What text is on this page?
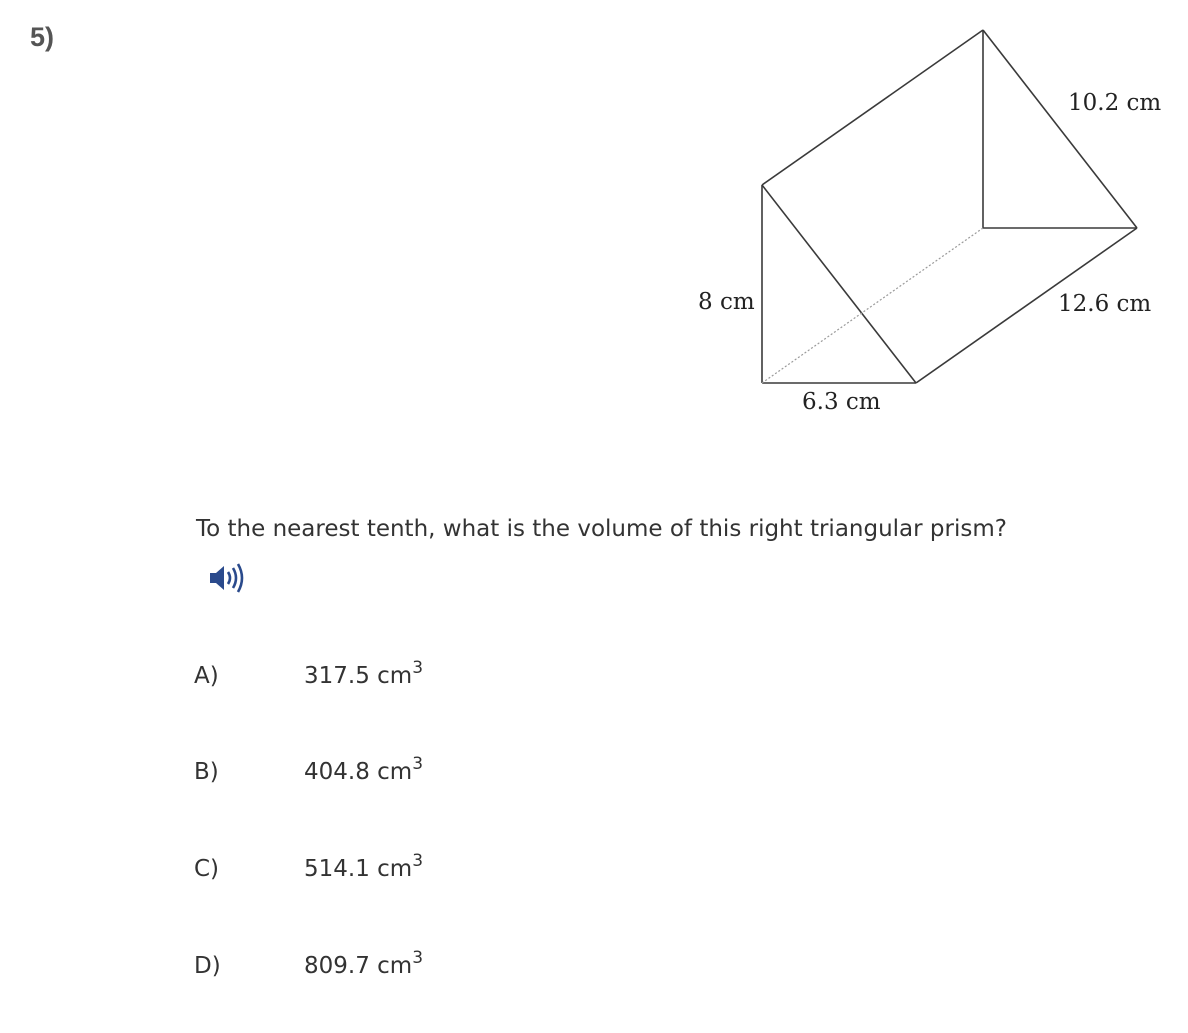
5)
10.2 cm
12.6 cm
8 cm
6.3 cm
To the nearest tenth, what is the volume of this right triangular prism?
A)	317.5 $cm^3$
B)	404.8 $cm^3$
C)	514.1 $cm^3$
D)	809.7 $cm^3$
